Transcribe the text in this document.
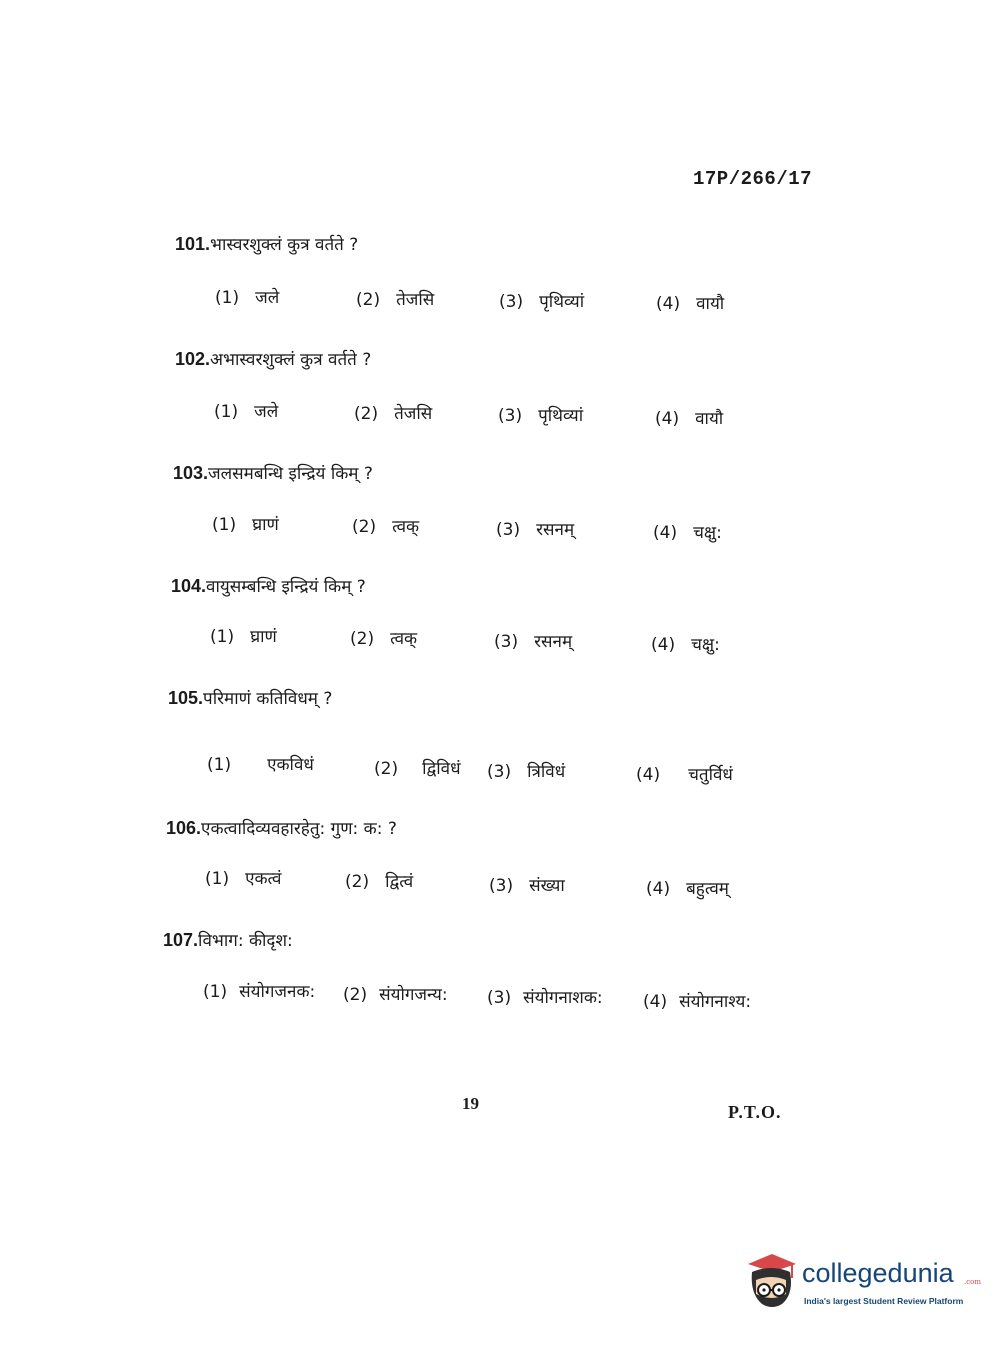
17P/266/17
101.भास्वरशुक्लं कुत्र वर्तते ?
(1) जले	(2) तेजसि	(3) पृथिव्यां	(4) वायौ
102.अभास्वरशुक्लं कुत्र वर्तते ?
(1) जले	(2) तेजसि	(3) पृथिव्यां	(4) वायौ
103.जलसमबन्धि इन्द्रियं किम् ?
(1) घ्राणं	(2) त्वक्	(3) रसनम्	(4) चक्षु:
104.वायुसम्बन्धि इन्द्रियं किम् ?
(1) घ्राणं	(2) त्वक्	(3) रसनम्	(4) चक्षु:
105.परिमाणं कतिविधम् ?
(1) एकविधं	(2) द्विविधं (3) त्रिविधं	(4) चतुर्विधं
106.एकत्वादिव्यवहारहेतु: गुण: क: ?
(1) एकत्वं	(2) द्वित्वं	(3) संख्या	(4) बहुत्वम्
107.विभाग: कीदृश:
(1) संयोगजनक: (2) संयोगजन्य: (3) संयोगनाशक: (4) संयोगनाश्य:
19	P.T.O.
collegedunia .com
India's largest Student Review Platform
